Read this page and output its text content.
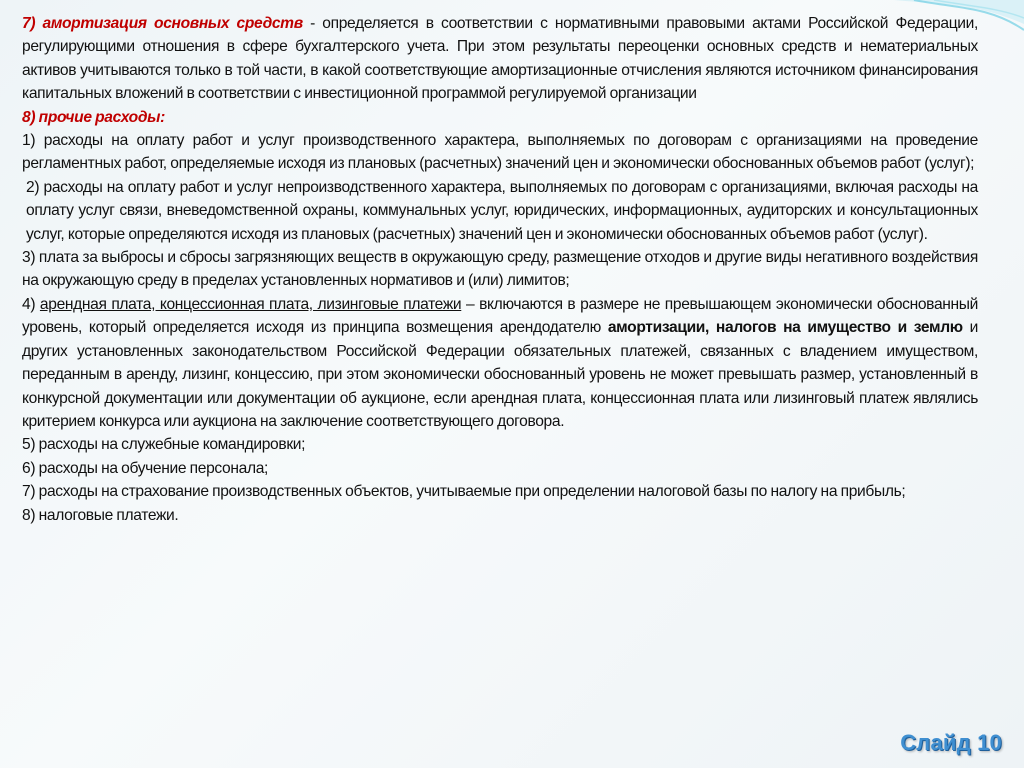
7) амортизация основных средств - определяется в соответствии с нормативными правовыми актами Российской Федерации, регулирующими отношения в сфере бухгалтерского учета. При этом результаты переоценки основных средств и нематериальных активов учитываются только в той части, в какой соответствующие амортизационные отчисления являются источником финансирования капитальных вложений в соответствии с инвестиционной программой регулируемой организации

8) прочие расходы:

1) расходы на оплату работ и услуг производственного характера, выполняемых по договорам с организациями на проведение регламентных работ, определяемые исходя из плановых (расчетных) значений цен и экономически обоснованных объемов работ (услуг);

2) расходы на оплату работ и услуг непроизводственного характера, выполняемых по договорам с организациями, включая расходы на оплату услуг связи, вневедомственной охраны, коммунальных услуг, юридических, информационных, аудиторских и консультационных услуг, которые определяются исходя из плановых (расчетных) значений цен и экономически обоснованных объемов работ (услуг).

3) плата за выбросы и сбросы загрязняющих веществ в окружающую среду, размещение отходов и другие виды негативного воздействия на окружающую среду в пределах установленных нормативов и (или) лимитов;

4) арендная плата, концессионная плата, лизинговые платежи – включаются в размере не превышающем экономически обоснованный уровень, который определяется исходя из принципа возмещения арендодателю амортизации, налогов на имущество и землю и других установленных законодательством Российской Федерации обязательных платежей, связанных с владением имуществом, переданным в аренду, лизинг, концессию, при этом экономически обоснованный уровень не может превышать размер, установленный в конкурсной документации или документации об аукционе, если арендная плата, концессионная плата или лизинговый платеж являлись критерием конкурса или аукциона на заключение соответствующего договора.

5) расходы на служебные командировки;

6) расходы на обучение персонала;

7) расходы на страхование производственных объектов, учитываемые при определении налоговой базы по налогу на прибыль;

8) налоговые платежи.

Слайд 10
